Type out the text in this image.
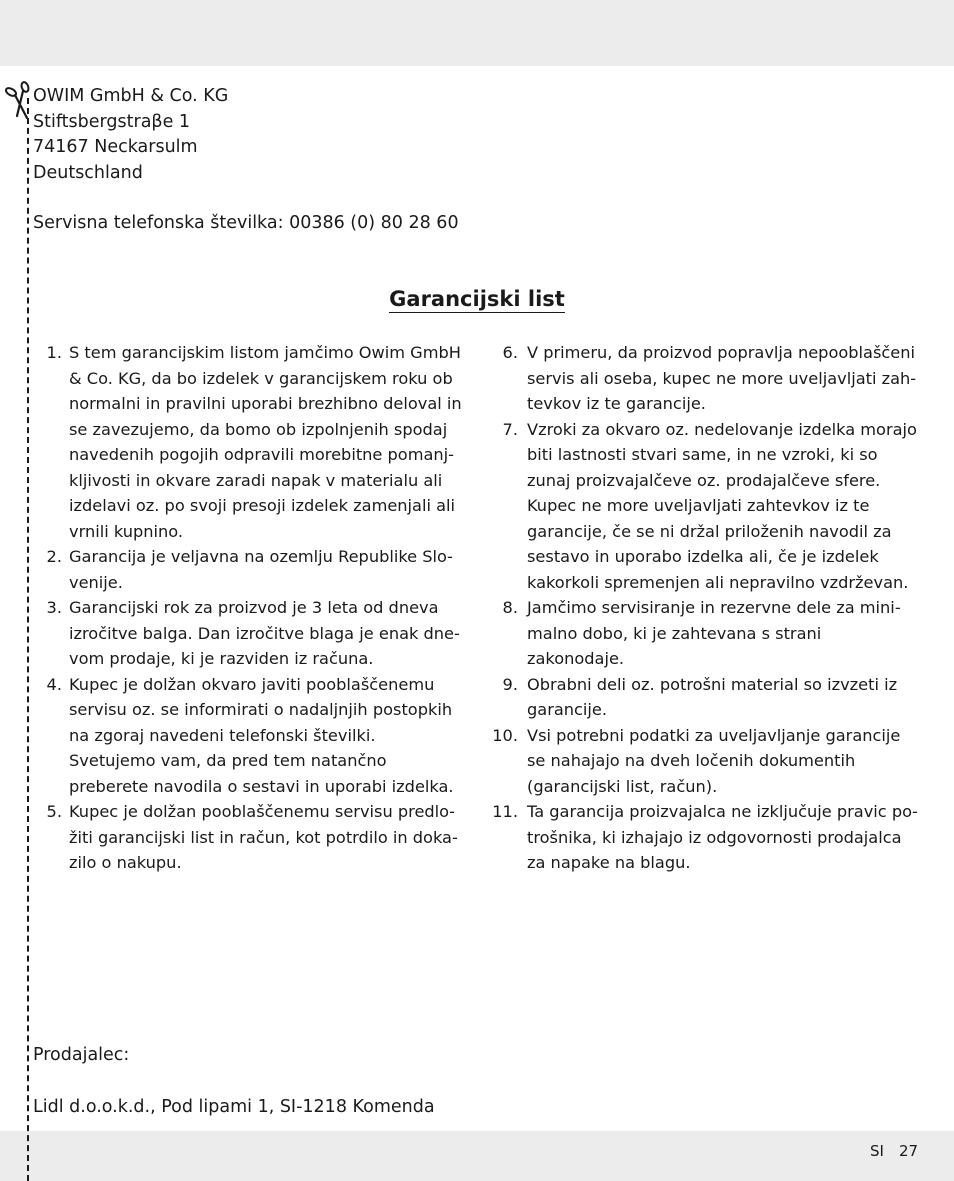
OWIM GmbH & Co. KG
Stiftsbergstraβe 1
74167 Neckarsulm
Deutschland
Servisna telefonska številka: 00386 (0) 80 28 60
Garancijski list
1. S tem garancijskim listom jamčimo Owim GmbH & Co. KG, da bo izdelek v garancijskem roku ob normalni in pravilni uporabi brezhibno deloval in se zavezujemo, da bomo ob izpolnjenih spodaj navedenih pogojih odpravili morebitne pomanjkljivosti in okvare zaradi napak v materialu ali izdelavi oz. po svoji presoji izdelek zamenjali ali vrnili kupnino.
2. Garancija je veljavna na ozemlju Republike Slovenije.
3. Garancijski rok za proizvod je 3 leta od dneva izročitve balga. Dan izročitve blaga je enak dnevom prodaje, ki je razviden iz računa.
4. Kupec je dolžan okvaro javiti pooblaščenemu servisu oz. se informirati o nadaljnjih postopkih na zgoraj navedeni telefonski številki. Svetujemo vam, da pred tem natančno preberete navodila o sestavi in uporabi izdelka.
5. Kupec je dolžan pooblaščenemu servisu predložiti garancijski list in račun, kot potrdilo in dokazilo o nakupu.
6. V primeru, da proizvod popravlja nepooblaščeni servis ali oseba, kupec ne more uveljavljati zahtevkov iz te garancije.
7. Vzroki za okvaro oz. nedelovanje izdelka morajo biti lastnosti stvari same, in ne vzroki, ki so zunaj proizvajalčeve oz. prodajalčeve sfere. Kupec ne more uveljavljati zahtevkov iz te garancije, če se ni držal priloženih navodil za sestavo in uporabo izdelka ali, če je izdelek kakorkoli spremenjen ali nepravilno vzdrževan.
8. Jamčimo servisiranje in rezervne dele za minimalno dobo, ki je zahtevana s strani zakonodaje.
9. Obrabni deli oz. potrošni material so izvzeti iz garancije.
10. Vsi potrebni podatki za uveljavljanje garancije se nahajajo na dveh ločenih dokumentih (garancijski list, račun).
11. Ta garancija proizvajalca ne izključuje pravic potrošnika, ki izhajajo iz odgovornosti prodajalca za napake na blagu.
Prodajalec:
Lidl d.o.o.k.d., Pod lipami 1, SI-1218 Komenda
SI 27
